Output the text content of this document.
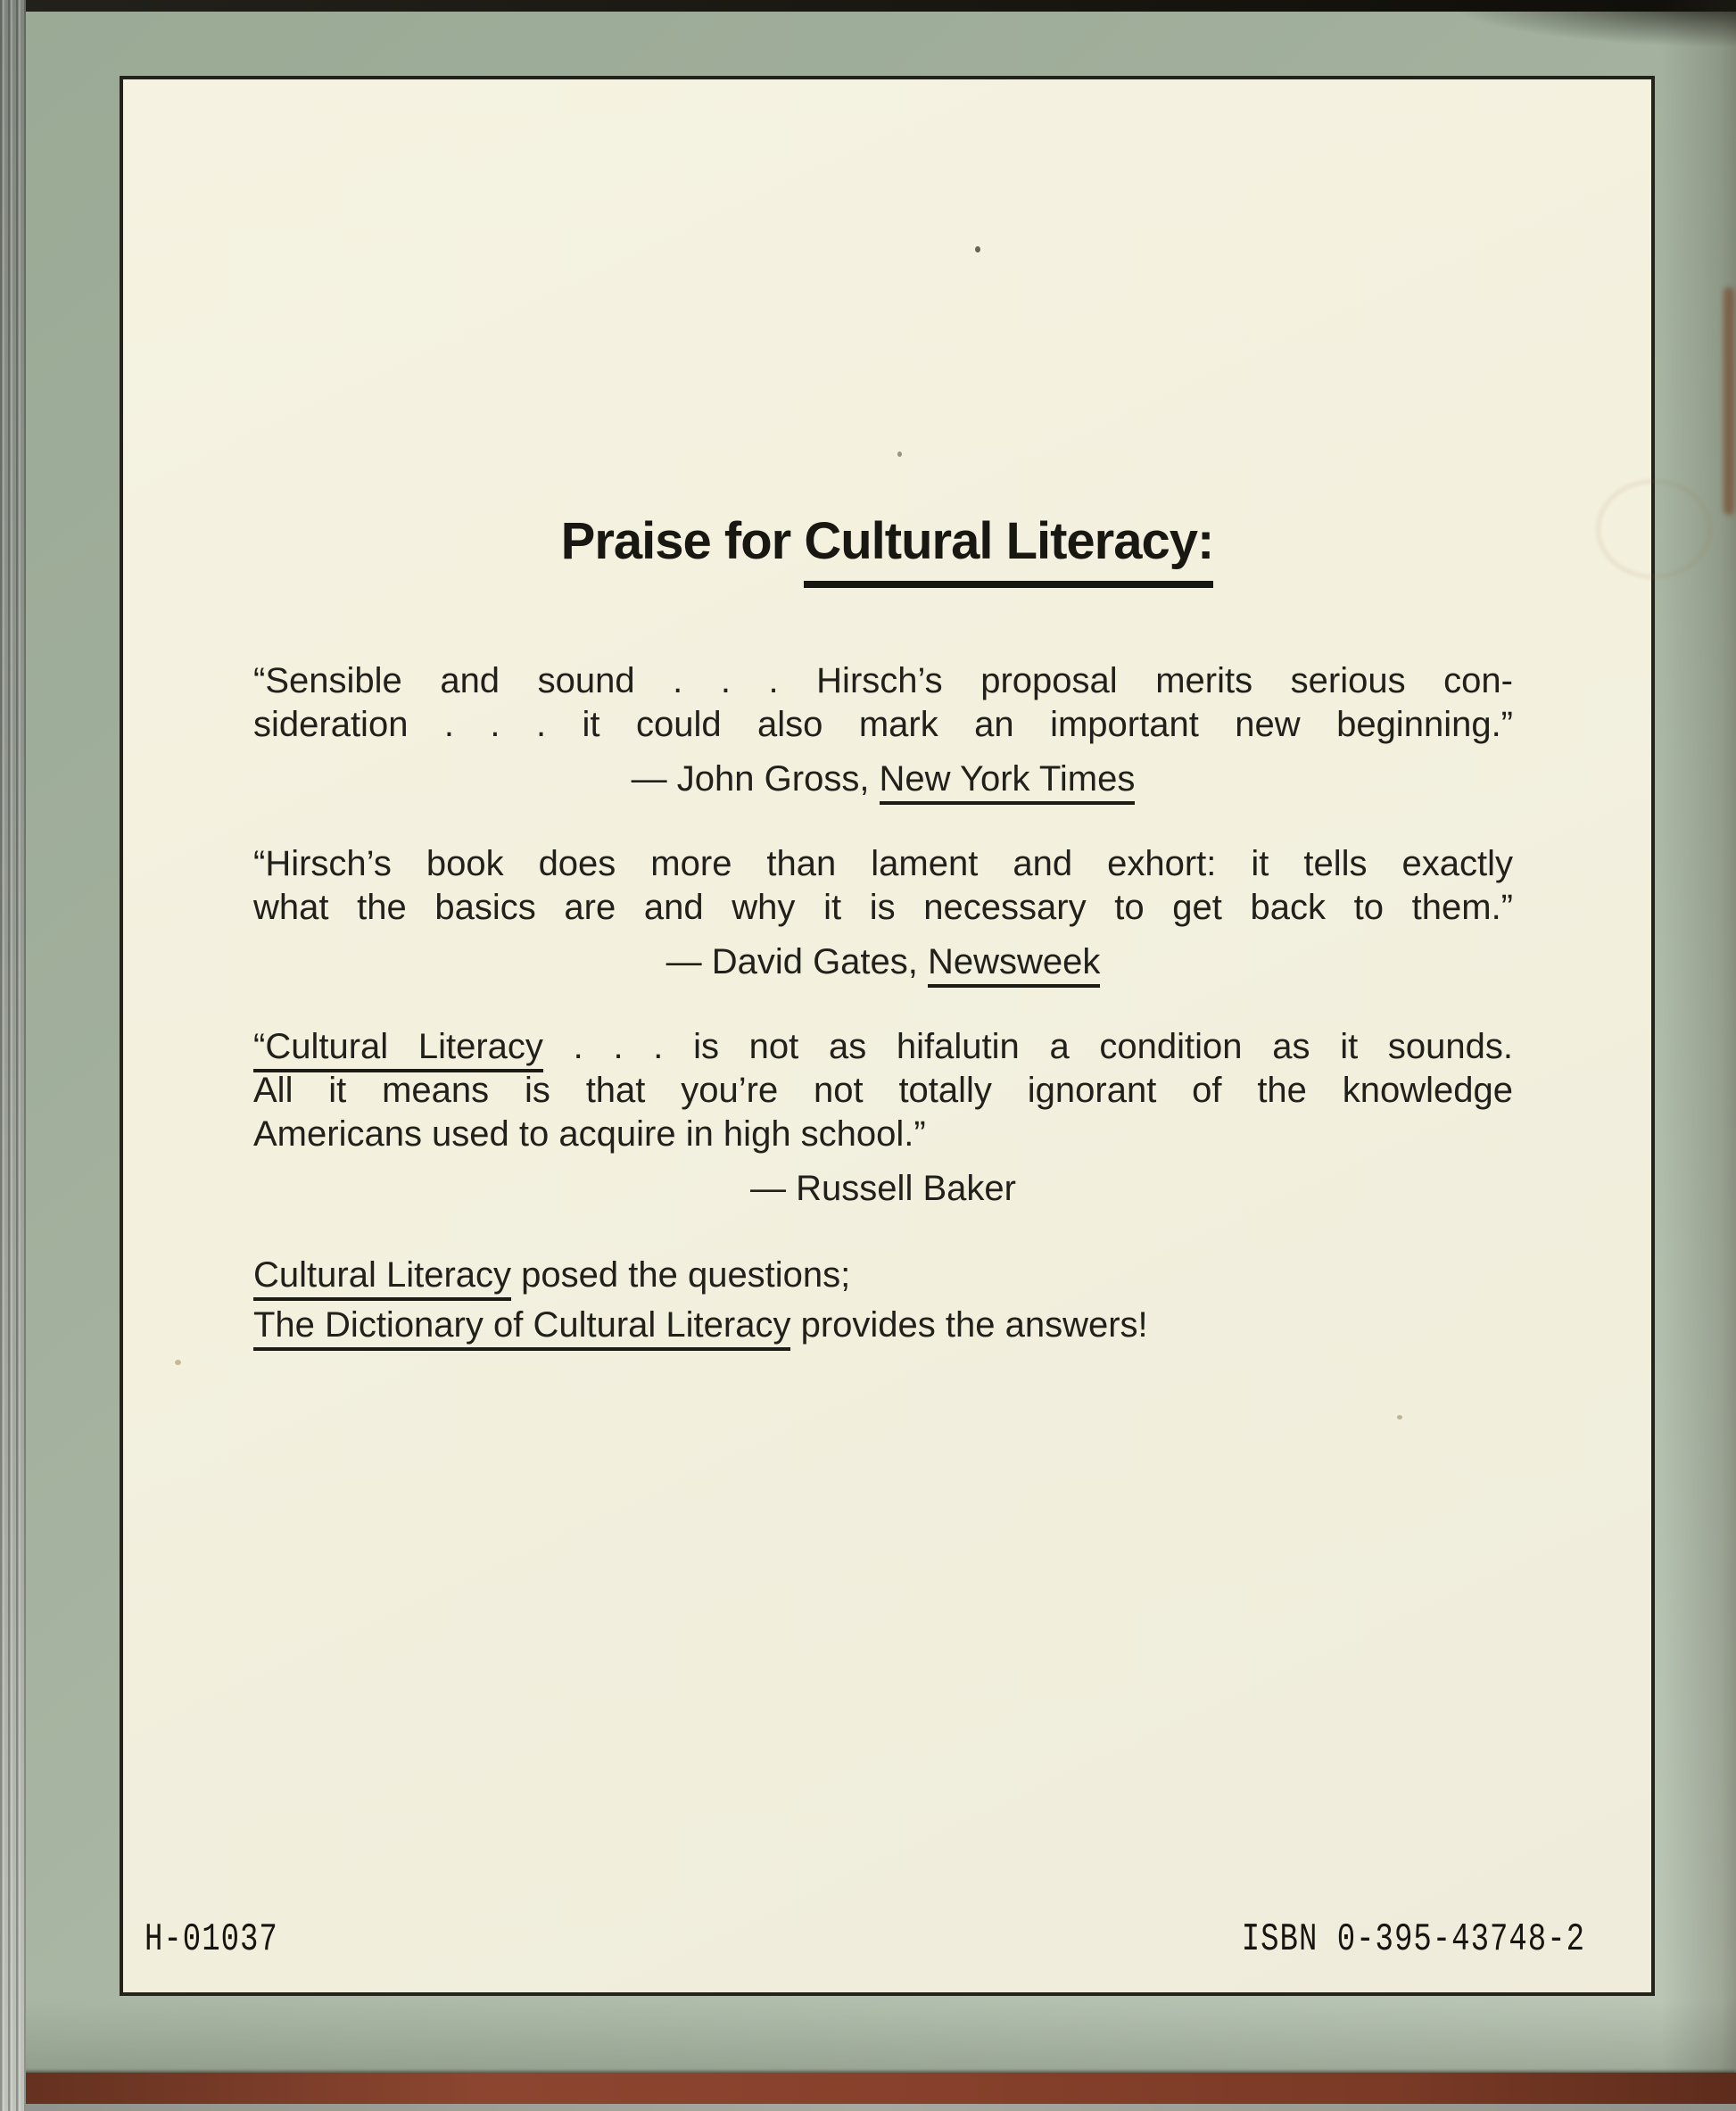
Praise for Cultural Literacy:
“Sensible and sound . . . Hirsch’s proposal merits serious con-
sideration . . . it could also mark an important new beginning.”
— John Gross, New York Times
“Hirsch’s book does more than lament and exhort: it tells exactly
what the basics are and why it is necessary to get back to them.”
— David Gates, Newsweek
“Cultural Literacy . . . is not as hifalutin a condition as it sounds.
All it means is that you’re not totally ignorant of the knowledge
Americans used to acquire in high school.”
— Russell Baker
Cultural Literacy posed the questions;
The Dictionary of Cultural Literacy provides the answers!
H-01037	ISBN 0-395-43748-2
